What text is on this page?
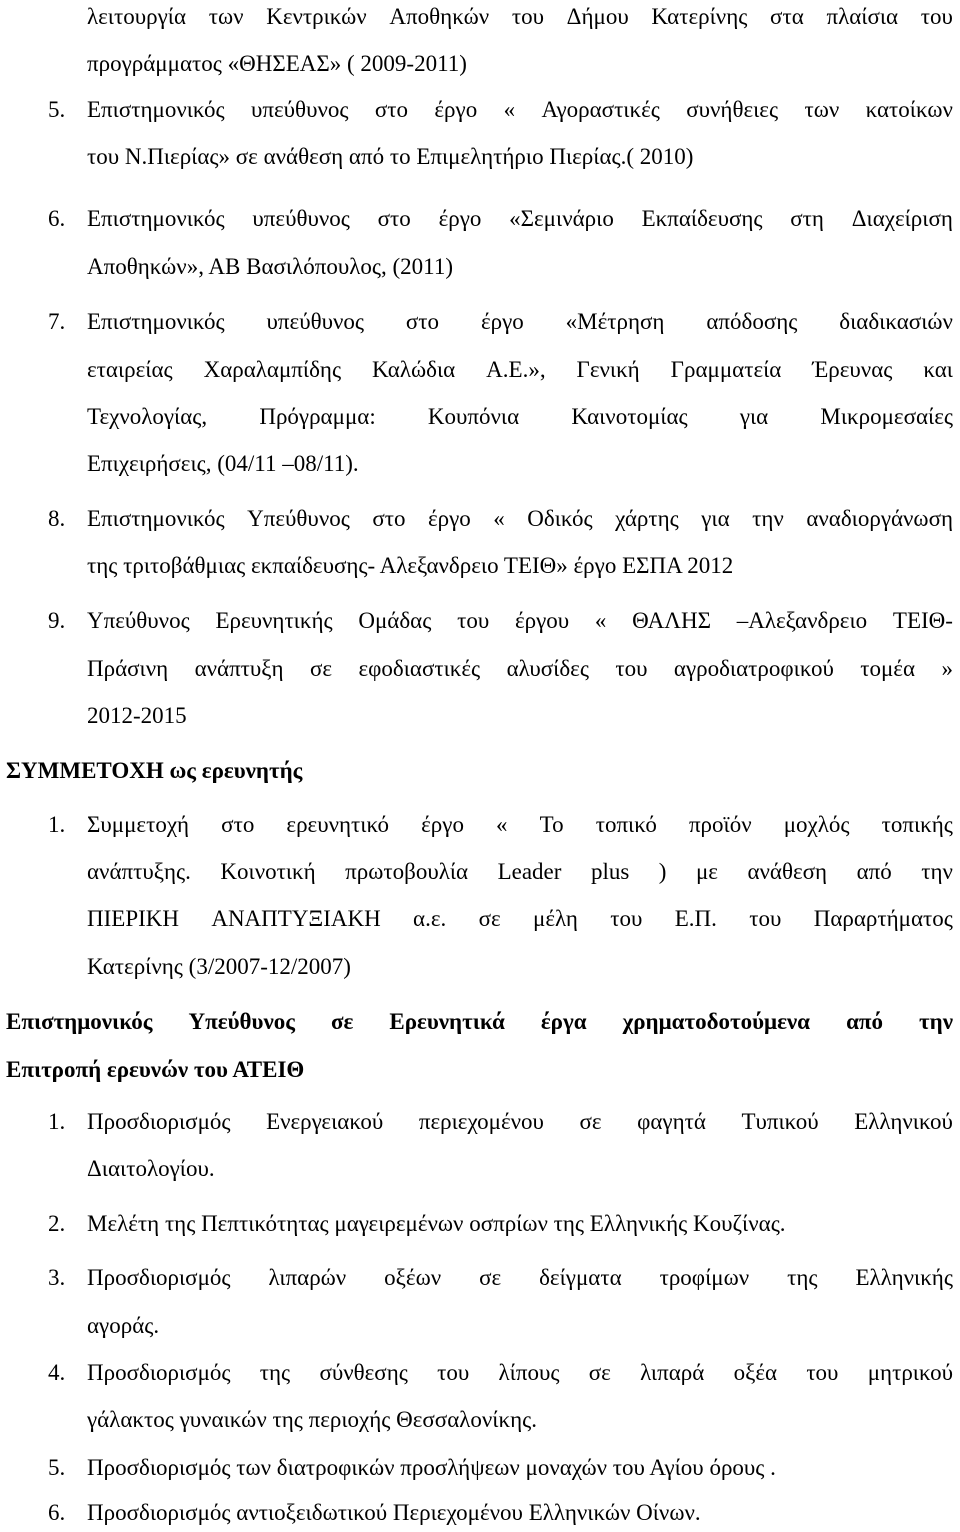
λειτουργία των Κεντρικών Αποθηκών του Δήμου Κατερίνης στα πλαίσια του
προγράμματος «ΘΗΣΕΑΣ» ( 2009-2011)
5. Επιστημονικός υπεύθυνος στο έργο « Αγοραστικές συνήθειες των κατοίκων
του Ν.Πιερίας» σε ανάθεση από το Επιμελητήριο Πιερίας.( 2010)
6. Επιστημονικός υπεύθυνος στο έργο «Σεμινάριο Εκπαίδευσης στη Διαχείριση
Αποθηκών», ΑΒ Βασιλόπουλος, (2011)
7. Επιστημονικός υπεύθυνος στο έργο «Μέτρηση απόδοσης διαδικασιών
εταιρείας Χαραλαμπίδης Καλώδια Α.Ε.», Γενική Γραμματεία Έρευνας και
Τεχνολογίας, Πρόγραμμα: Κουπόνια Καινοτομίας για Μικρομεσαίες
Επιχειρήσεις, (04/11 –08/11).
8. Επιστημονικός Υπεύθυνος στο έργο « Οδικός χάρτης για την αναδιοργάνωση
της τριτοβάθμιας εκπαίδευσης- Αλεξανδρειο ΤΕΙΘ» έργο ΕΣΠΑ 2012
9. Υπεύθυνος Ερευνητικής Ομάδας του έργου « ΘΑΛΗΣ –Αλεξανδρειο ΤΕΙΘ-
Πράσινη ανάπτυξη σε εφοδιαστικές αλυσίδες του αγροδιατροφικού τομέα »
2012-2015
ΣΥΜΜΕΤΟΧΗ ως ερευνητής
1. Συμμετοχή στο ερευνητικό έργο « Το τοπικό προϊόν μοχλός τοπικής
ανάπτυξης. Κοινοτική πρωτοβουλία Leader plus ) με ανάθεση από την
ΠΙΕΡΙΚΗ ΑΝΑΠΤΥΞΙΑΚΗ α.ε. σε μέλη του Ε.Π. του Παραρτήματος
Κατερίνης (3/2007-12/2007)
Επιστημονικός Υπεύθυνος σε Ερευνητικά έργα χρηματοδοτούμενα από την
Επιτροπή ερευνών του ΑΤΕΙΘ
1. Προσδιορισμός Ενεργειακού περιεχομένου σε φαγητά Τυπικού Ελληνικού
Διαιτολογίου.
2. Μελέτη της Πεπτικότητας μαγειρεμένων οσπρίων της Ελληνικής Κουζίνας.
3. Προσδιορισμός λιπαρών οξέων σε δείγματα τροφίμων της Ελληνικής
αγοράς.
4. Προσδιορισμός της σύνθεσης του λίπους σε λιπαρά οξέα του μητρικού
γάλακτος γυναικών της περιοχής Θεσσαλονίκης.
5. Προσδιορισμός των διατροφικών προσλήψεων μοναχών του Αγίου όρους .
6. Προσδιορισμός αντιοξειδωτικού Περιεχομένου Ελληνικών Οίνων.
